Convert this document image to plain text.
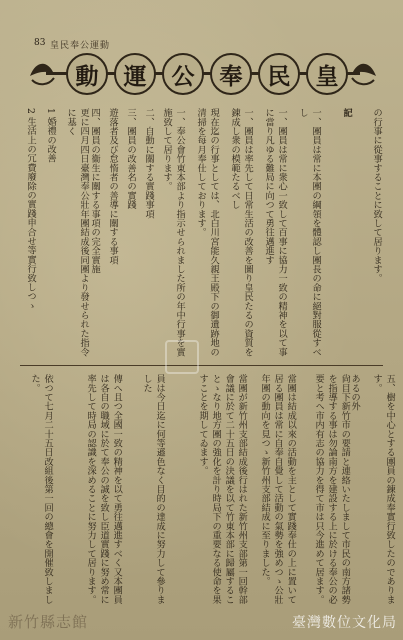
83 皇民奉公運動
皇
民
奉
公
運
動
の行事に從事することに致して居ります。
記
一、團員は常に本團の綱領を體認し團長の命に絕對服從すべし
一、團員は常に衆心一致して百事に協力一致の精神を以て事に當り凡ゆる難局に向つて勇往邁進す
一、團員は率先して日常生活の改善を圖り皇民たるの資質を錬成し衆の模範たるべし
現在迄の行事としては、北白川宮能久親王殿下の御遺跡地の清掃を每月奉仕しております。
一、奉公會竹東本部より指示せられました所の年中行事を實施致して居ります。
二、自動に關する實踐事項
三、團員の改善名の實踐
遊落者及び怠惰者の善導に關する事項
四、團員の衞生に關する事項の完全實施
更に四月四日臺灣奉公壯年團結成後同團より發せられた指令に基く
1 婚禮の改善
2 生活上の冗費廢除の實踐申合せ等實行致しつゝ
五、樹を中心とする團員の錬成奉實行致したのであります。
あるの外
尙目下新竹市の要請と連絡いたしまして市民の南方諸勢を指導する事は勿論南方を建設する上に於ける奉公の必要と考へ市内有志の協力を得て市は只今進めて居ます。
當團は結成以來の活動を主として實踐奉仕の上に置いて居る團員は常に自奉自覺して活動の氣勢を強めつゝ公壯年團の動向を見つゝ新竹州支部結成に至りました。
當團が新竹州支部結成後行はれた新竹州支部第一回幹部會議に於て二十五日の決議を以て竹東本部に歸屬することゝなり地方團の強化を計り時局下の重要なる使命を果すことを期してゐます。
員は今日迄に何等遜色なく目的の達成に努力して參りました
傳へ且つ全國一致の精神を以て勇往邁進すべく又本團員は各自の職域に於て奉公の誠を致し臣道實踐に努め常に率先して時局の認識を深めることに努力して居ります。
依つて七月二十五日改組後第一回の總會を開催致しました。
新竹縣志館	臺灣數位文化局
